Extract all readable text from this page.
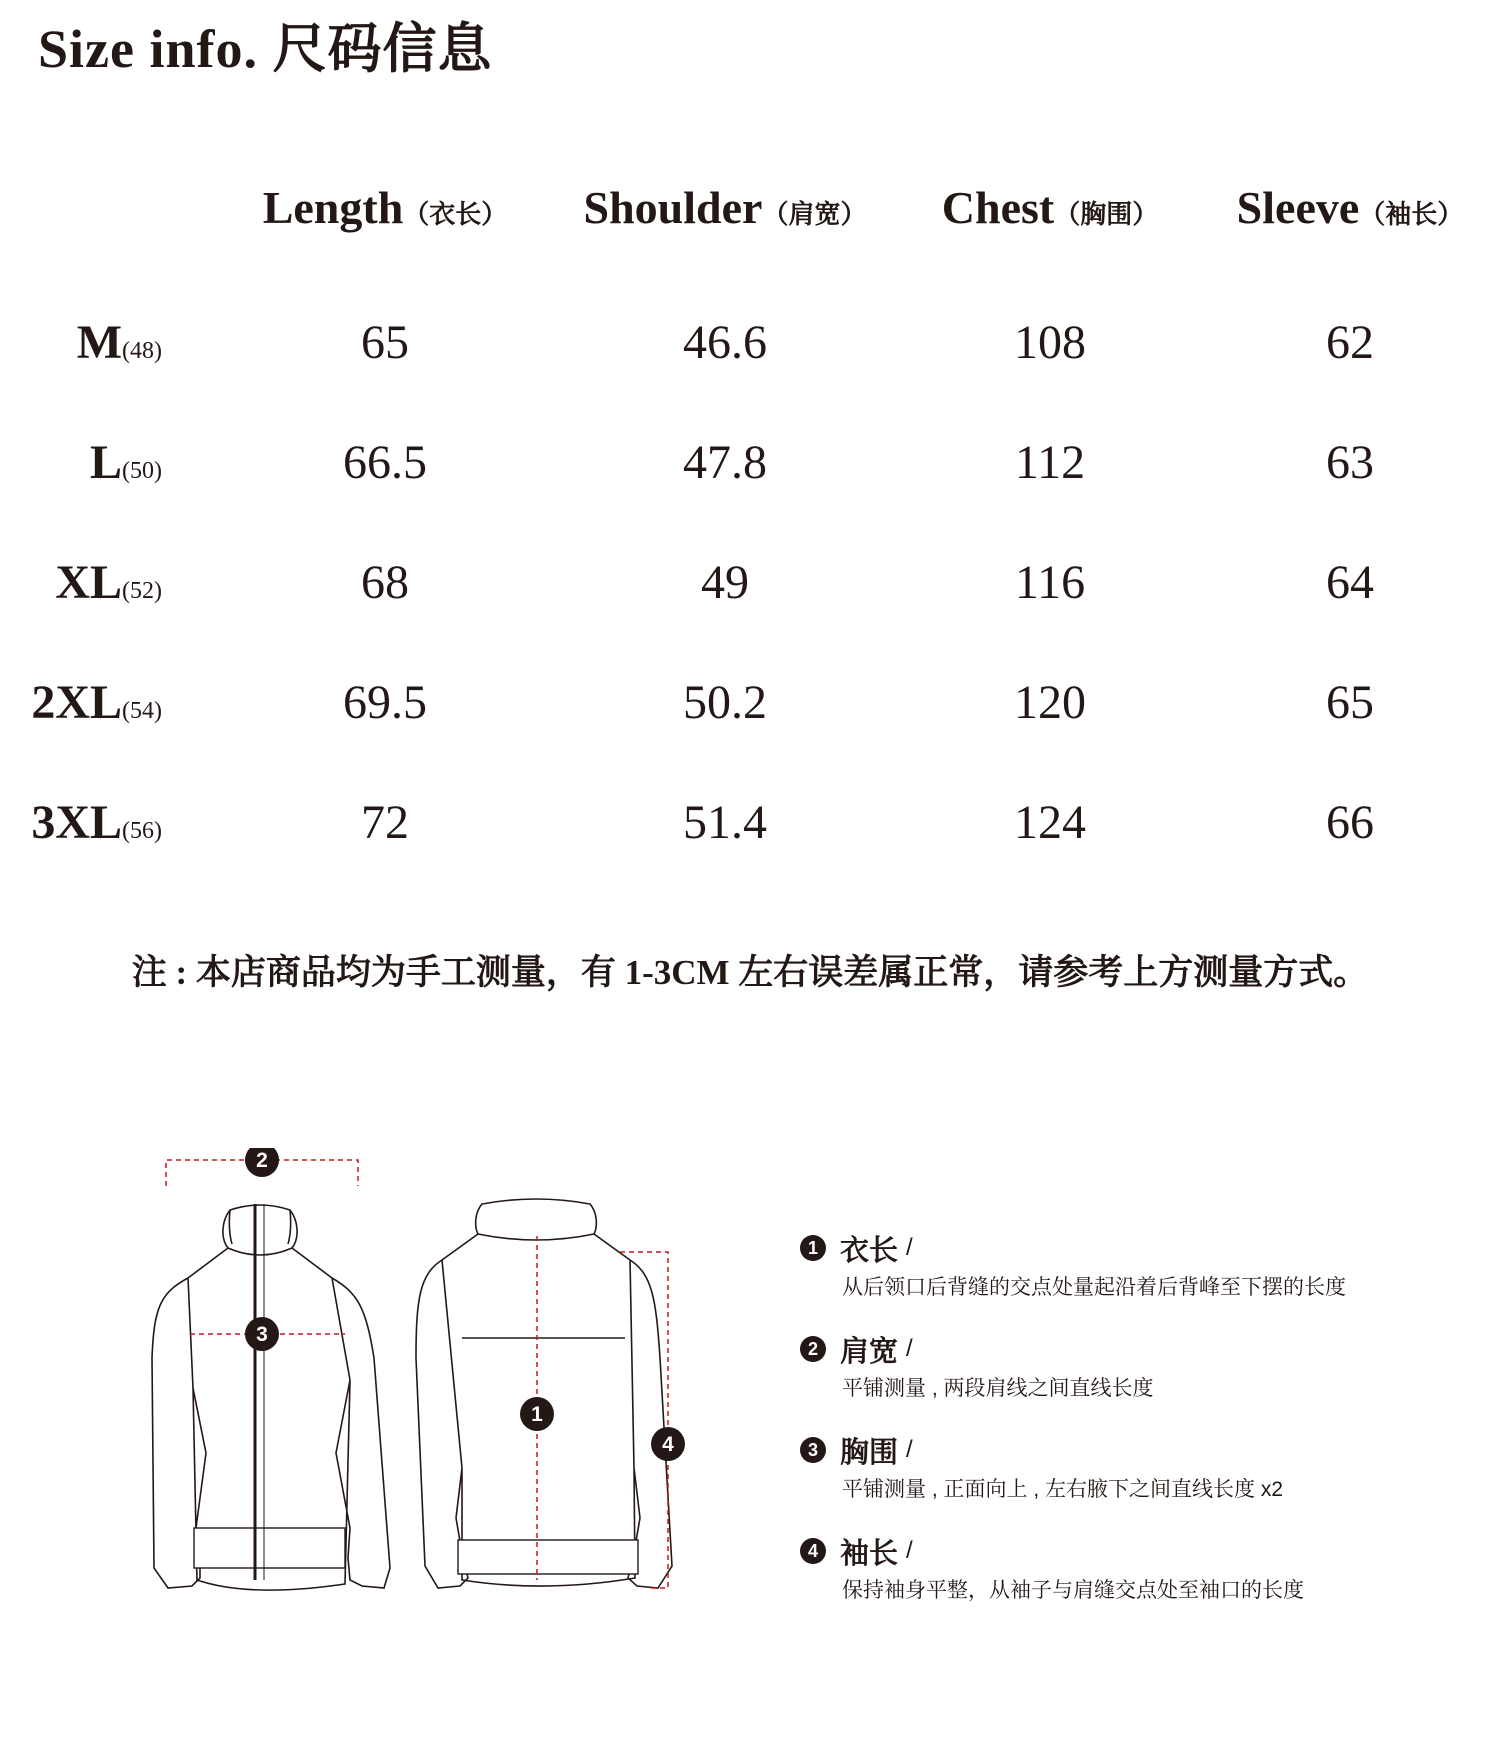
Size info. 尺码信息
Length（衣长）	Shoulder（肩宽）	Chest（胸围）	Sleeve（袖长）
M(48)	65	46.6	108	62
L(50)	66.5	47.8	112	63
XL(52)	68	49	116	64
2XL(54)	69.5	50.2	120	65
3XL(56)	72	51.4	124	66
注 : 本店商品均为手工测量，有 1-3CM 左右误差属正常，请参考上方测量方式。
2
3
1
4
1 衣长 /
从后领口后背缝的交点处量起沿着后背峰至下摆的长度
2 肩宽 /
平铺测量 , 两段肩线之间直线长度
3 胸围 /
平铺测量 , 正面向上 , 左右腋下之间直线长度 x2
4 袖长 /
保持袖身平整，从袖子与肩缝交点处至袖口的长度
